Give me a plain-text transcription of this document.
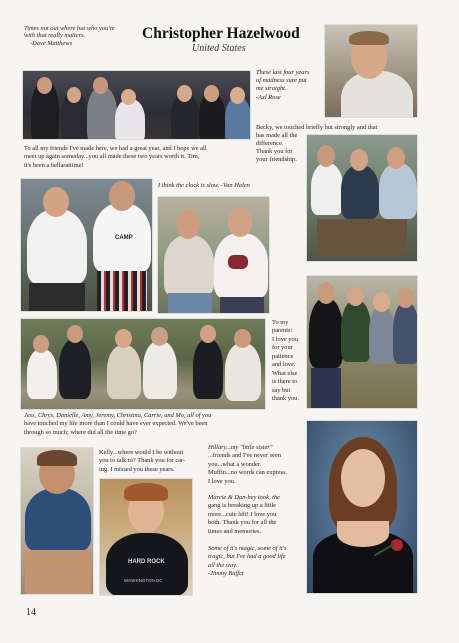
Christopher Hazelwood
United States
Times not out where but who you're
with that really matters.
-Dave Matthews
These last four years
of madness sure put
me straight.
-Axl Rose
To all my friends I've made here, we had a great year, and I hope we all
meet up again someday...you all made these two years worth it. Tim,
it's been a bellarattime!
Becky, we touched briefly but strongly and that
has made all the
difference.
Thank you for
your friendship.
CAMP
I think the clock is slow. -Van Halen
To my
parents:
I love you
for your
patience
and love.
What else
is there to
say but
thank you.
Jess, Chrys, Danielle, Amy, Jeremy, Christina, Carrie, and Mo, all of you
have touched my life more than I could have ever expected. We've been
through so much; where did all the time go?
Kelly...where would I be without
you to talk to? Thank you for car-
ing. I missed you these years.
HARD ROCK
WASHINGTON DC
Hillary...my "little sister"
...friends and I've never seen
you...what a wonder.
Muffin...no words can express.
I love you.
Marcie & Dan-bey took, the
gang is breaking up a little
more...cute left! I love you
both. Thank you for all the
times and memories.
Some of it's magic, some of it's
tragic, but I've had a good life
all the way.
-Jimmy Buffet
14
